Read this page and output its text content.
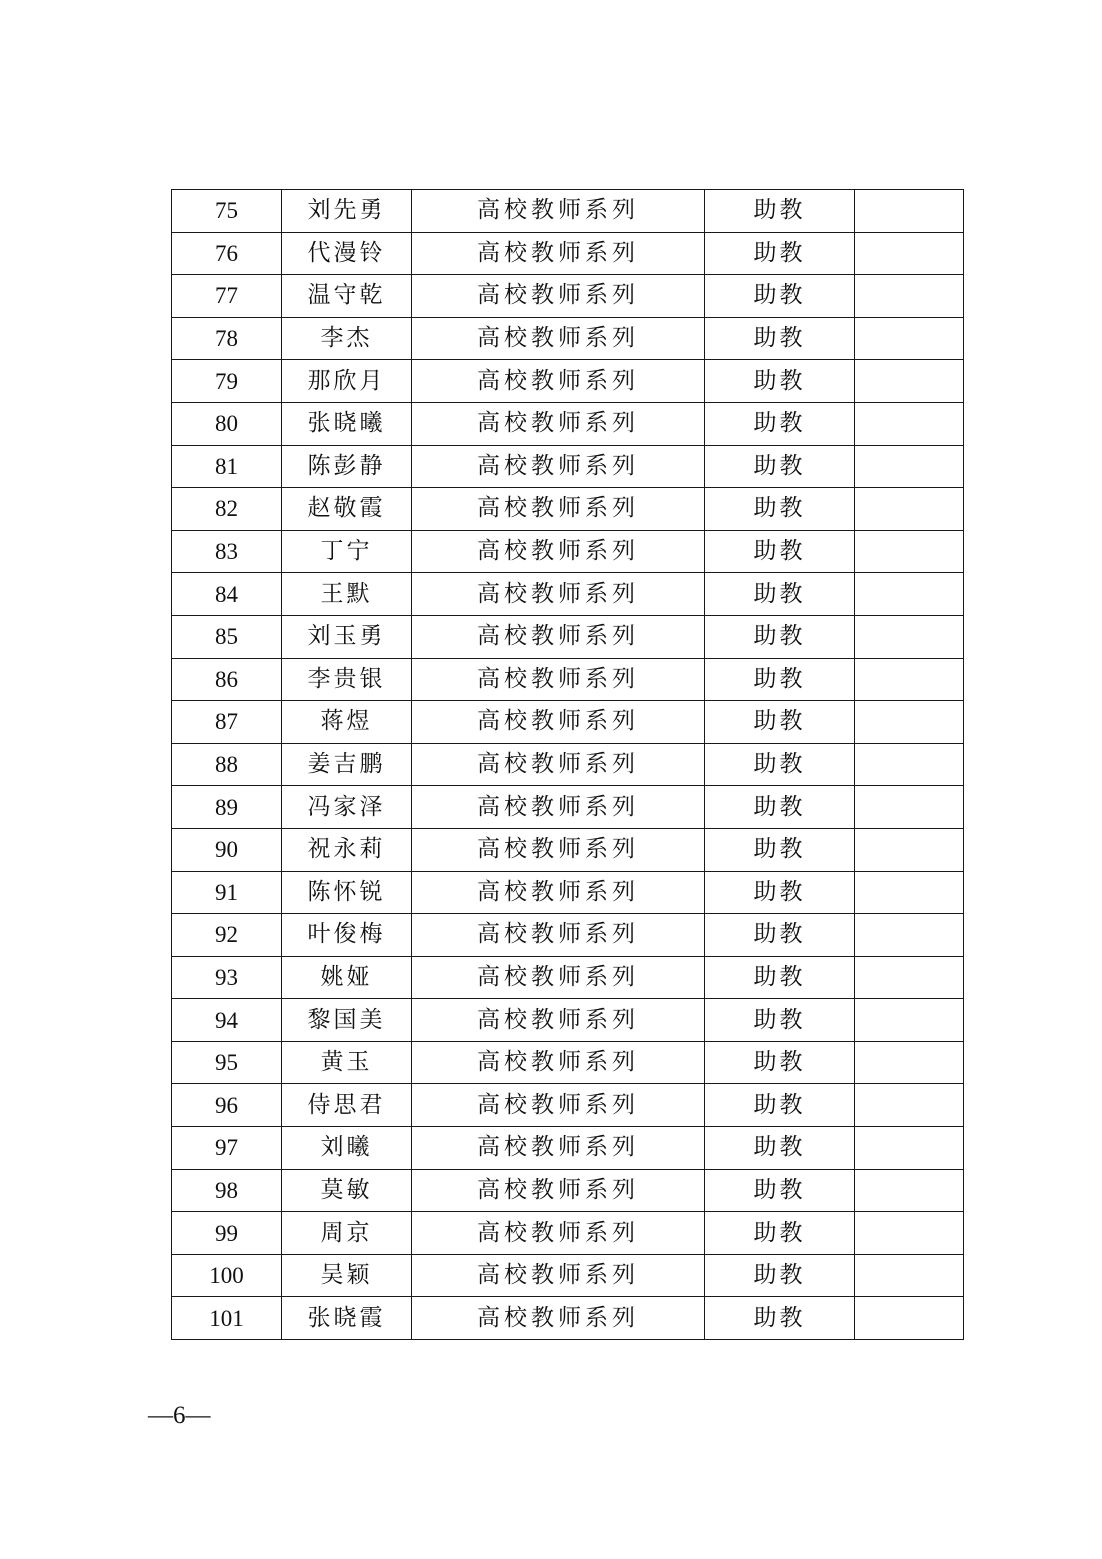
75	刘先勇	高校教师系列	助教	
76	代漫铃	高校教师系列	助教	
77	温守乾	高校教师系列	助教	
78	李杰	高校教师系列	助教	
79	那欣月	高校教师系列	助教	
80	张晓曦	高校教师系列	助教	
81	陈彭静	高校教师系列	助教	
82	赵敬霞	高校教师系列	助教	
83	丁宁	高校教师系列	助教	
84	王默	高校教师系列	助教	
85	刘玉勇	高校教师系列	助教	
86	李贵银	高校教师系列	助教	
87	蒋煜	高校教师系列	助教	
88	姜吉鹏	高校教师系列	助教	
89	冯家泽	高校教师系列	助教	
90	祝永莉	高校教师系列	助教	
91	陈怀锐	高校教师系列	助教	
92	叶俊梅	高校教师系列	助教	
93	姚娅	高校教师系列	助教	
94	黎国美	高校教师系列	助教	
95	黄玉	高校教师系列	助教	
96	侍思君	高校教师系列	助教	
97	刘曦	高校教师系列	助教	
98	莫敏	高校教师系列	助教	
99	周京	高校教师系列	助教	
100	吴颖	高校教师系列	助教	
101	张晓霞	高校教师系列	助教	
—6—
